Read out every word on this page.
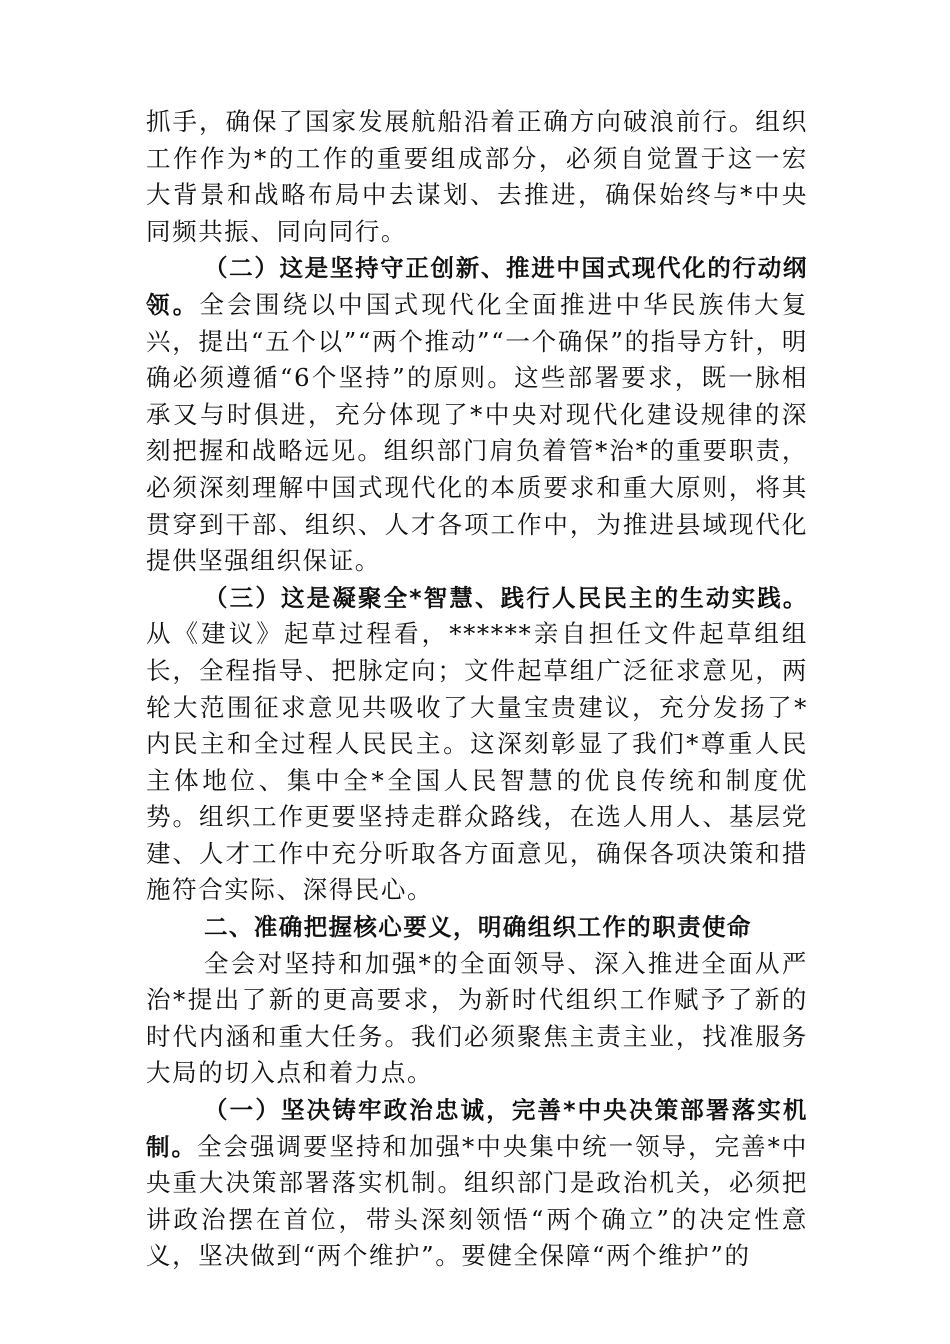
抓手，确保了国家发展航船沿着正确方向破浪前行。组织工作作为*的工作的重要组成部分，必须自觉置于这一宏大背景和战略布局中去谋划、去推进，确保始终与*中央同频共振、同向同行。

（二）这是坚持守正创新、推进中国式现代化的行动纲领。全会围绕以中国式现代化全面推进中华民族伟大复兴，提出“五个以”“两个推动”“一个确保”的指导方针，明确必须遵循“6个坚持”的原则。这些部署要求，既一脉相承又与时俱进，充分体现了*中央对现代化建设规律的深刻把握和战略远见。组织部门肩负着管*治*的重要职责，必须深刻理解中国式现代化的本质要求和重大原则，将其贯穿到干部、组织、人才各项工作中，为推进县域现代化提供坚强组织保证。

（三）这是凝聚全*智慧、践行人民民主的生动实践。从《建议》起草过程看，******亲自担任文件起草组组长，全程指导、把脉定向；文件起草组广泛征求意见，两轮大范围征求意见共吸收了大量宝贵建议，充分发扬了*内民主和全过程人民民主。这深刻彰显了我们*尊重人民主体地位、集中全*全国人民智慧的优良传统和制度优势。组织工作更要坚持走群众路线，在选人用人、基层党建、人才工作中充分听取各方面意见，确保各项决策和措施符合实际、深得民心。

二、准确把握核心要义，明确组织工作的职责使命

全会对坚持和加强*的全面领导、深入推进全面从严治*提出了新的更高要求，为新时代组织工作赋予了新的时代内涵和重大任务。我们必须聚焦主责主业，找准服务大局的切入点和着力点。

（一）坚决铸牢政治忠诚，完善*中央决策部署落实机制。全会强调要坚持和加强*中央集中统一领导，完善*中央重大决策部署落实机制。组织部门是政治机关，必须把讲政治摆在首位，带头深刻领悟“两个确立”的决定性意义，坚决做到“两个维护”。要健全保障“两个维护”的
